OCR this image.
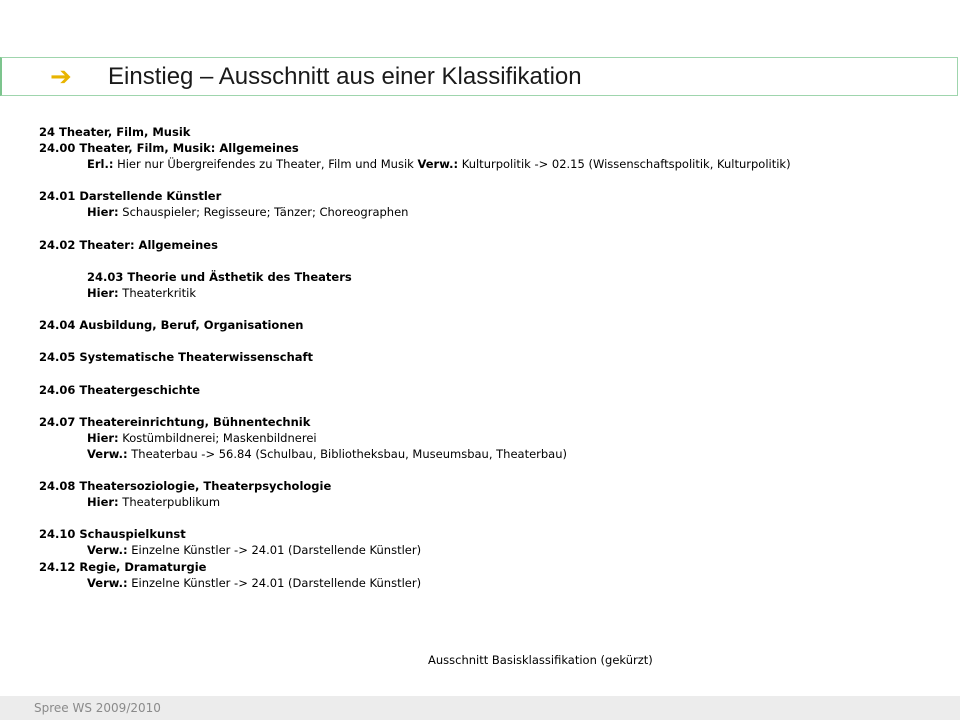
➔ Einstieg – Ausschnitt aus einer Klassifikation
24 Theater, Film, Musik
24.00 Theater, Film, Musik: Allgemeines
Erl.: Hier nur Übergreifendes zu Theater, Film und Musik Verw.: Kulturpolitik -> 02.15 (Wissenschaftspolitik, Kulturpolitik)
24.01 Darstellende Künstler
Hier: Schauspieler; Regisseure; Tänzer; Choreographen
24.02 Theater: Allgemeines
24.03 Theorie und Ästhetik des Theaters
Hier: Theaterkritik
24.04 Ausbildung, Beruf, Organisationen
24.05 Systematische Theaterwissenschaft
24.06 Theatergeschichte
24.07 Theatereinrichtung, Bühnentechnik
Hier: Kostümbildnerei; Maskenbildnerei
Verw.: Theaterbau -> 56.84 (Schulbau, Bibliotheksbau, Museumsbau, Theaterbau)
24.08 Theatersoziologie, Theaterpsychologie
Hier: Theaterpublikum
24.10 Schauspielkunst
Verw.: Einzelne Künstler -> 24.01 (Darstellende Künstler)
24.12 Regie, Dramaturgie
Verw.: Einzelne Künstler -> 24.01 (Darstellende Künstler)
Ausschnitt Basisklassifikation (gekürzt)
Spree WS 2009/2010
